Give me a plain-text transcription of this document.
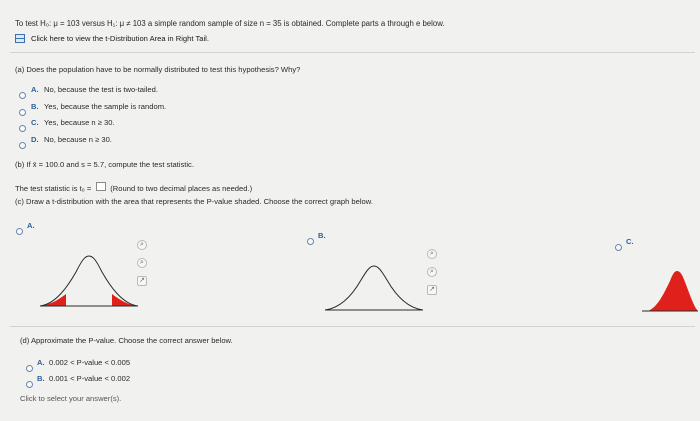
To test H₀: μ = 103 versus H₁: μ ≠ 103 a simple random sample of size n = 35 is obtained. Complete parts a through e below.
Click here to view the t-Distribution Area in Right Tail.
(a) Does the population have to be normally distributed to test this hypothesis? Why?
A. No, because the test is two-tailed.
B. Yes, because the sample is random.
C. Yes, because n ≥ 30.
D. No, because n ≥ 30.
(b) If x̄ = 100.0 and s = 5.7, compute the test statistic.
The test statistic is t₀ = (Round to two decimal places as needed.)
(c) Draw a t-distribution with the area that represents the P-value shaded. Choose the correct graph below.
A.
⌕
⌕
↗
B.
⌕
⌕
↗
C.
(d) Approximate the P-value. Choose the correct answer below.
A. 0.002 < P-value < 0.005
B. 0.001 < P-value < 0.002
Click to select your answer(s).
